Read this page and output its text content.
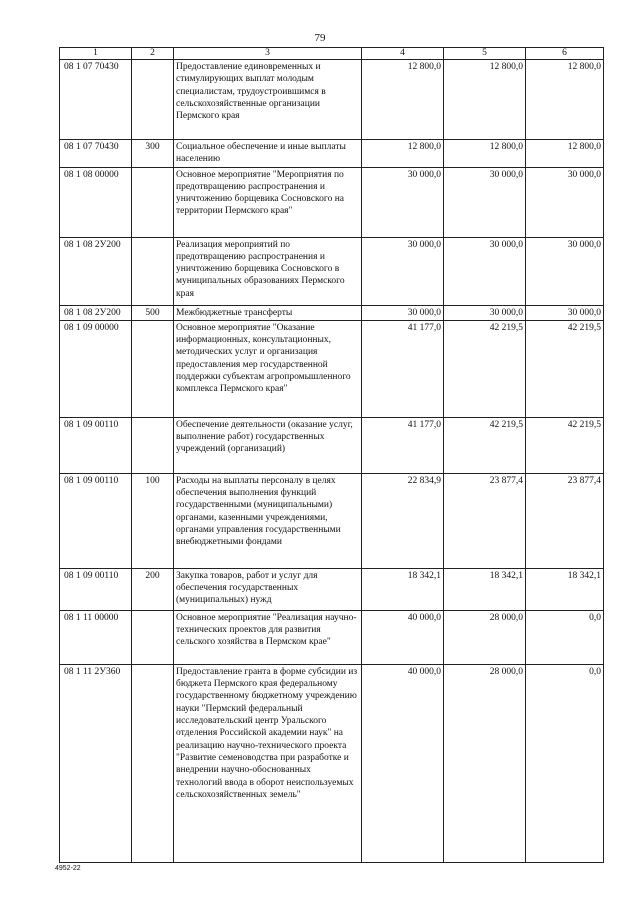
79
1	2	3	4	5	6
08 1 07 70430		Предоставление единовременных и стимулирующих выплат молодым специалистам, трудоустроившимся в сельскохозяйственные организации Пермского края	12 800,0	12 800,0	12 800,0
08 1 07 70430	300	Социальное обеспечение и иные выплаты населению	12 800,0	12 800,0	12 800,0
08 1 08 00000		Основное мероприятие "Мероприятия по предотвращению распространения и уничтожению борщевика Сосновского на территории Пермского края"	30 000,0	30 000,0	30 000,0
08 1 08 2У200		Реализация мероприятий по предотвращению распространения и уничтожению борщевика Сосновского в муниципальных образованиях Пермского края	30 000,0	30 000,0	30 000,0
08 1 08 2У200	500	Межбюджетные трансферты	30 000,0	30 000,0	30 000,0
08 1 09 00000		Основное мероприятие "Оказание информационных, консультационных, методических услуг и организация предоставления мер государственной поддержки субъектам агропромышленного комплекса Пермского края"	41 177,0	42 219,5	42 219,5
08 1 09 00110		Обеспечение деятельности (оказание услуг, выполнение работ) государственных учреждений (организаций)	41 177,0	42 219,5	42 219,5
08 1 09 00110	100	Расходы на выплаты персоналу в целях обеспечения выполнения функций государственными (муниципальными) органами, казенными учреждениями, органами управления государственными внебюджетными фондами	22 834,9	23 877,4	23 877,4
08 1 09 00110	200	Закупка товаров, работ и услуг для обеспечения государственных (муниципальных) нужд	18 342,1	18 342,1	18 342,1
08 1 11 00000		Основное мероприятие "Реализация научно-технических проектов для развития сельского хозяйства в Пермском крае"	40 000,0	28 000,0	0,0
08 1 11 2У360		Предоставление гранта в форме субсидии из бюджета Пермского края федеральному государственному бюджетному учреждению науки "Пермский федеральный исследовательский центр Уральского отделения Российской академии наук" на реализацию научно-технического проекта "Развитие семеноводства при разработке и внедрении научно-обоснованных технологий ввода в оборот неиспользуемых сельскохозяйственных земель"	40 000,0	28 000,0	0,0
4952-22
